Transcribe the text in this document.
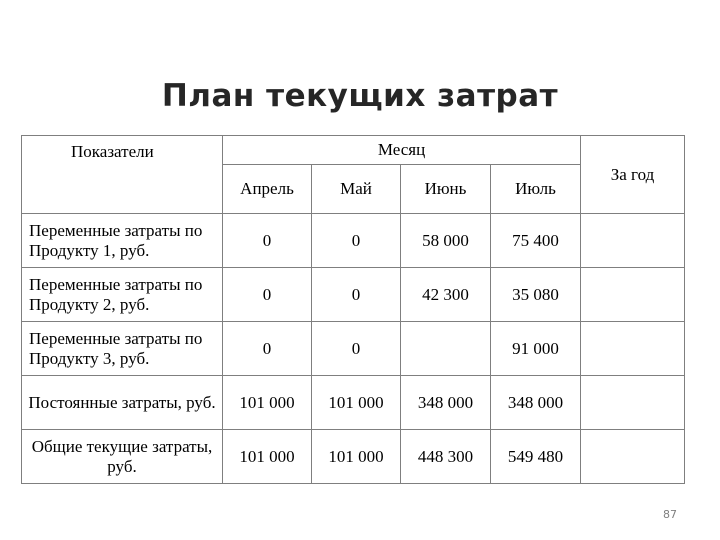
План текущих затрат
Показатели	Месяц				За год
	Апрель	Май	Июнь	Июль	
Переменные затраты по Продукту 1, руб.	0	0	58 000	75 400	
Переменные затраты по Продукту 2, руб.	0	0	42 300	35 080	
Переменные затраты по Продукту 3, руб.	0	0		91 000	
Постоянные затраты, руб.	101 000	101 000	348 000	348 000	
Общие текущие затраты, руб.	101 000	101 000	448 300	549 480	
87
